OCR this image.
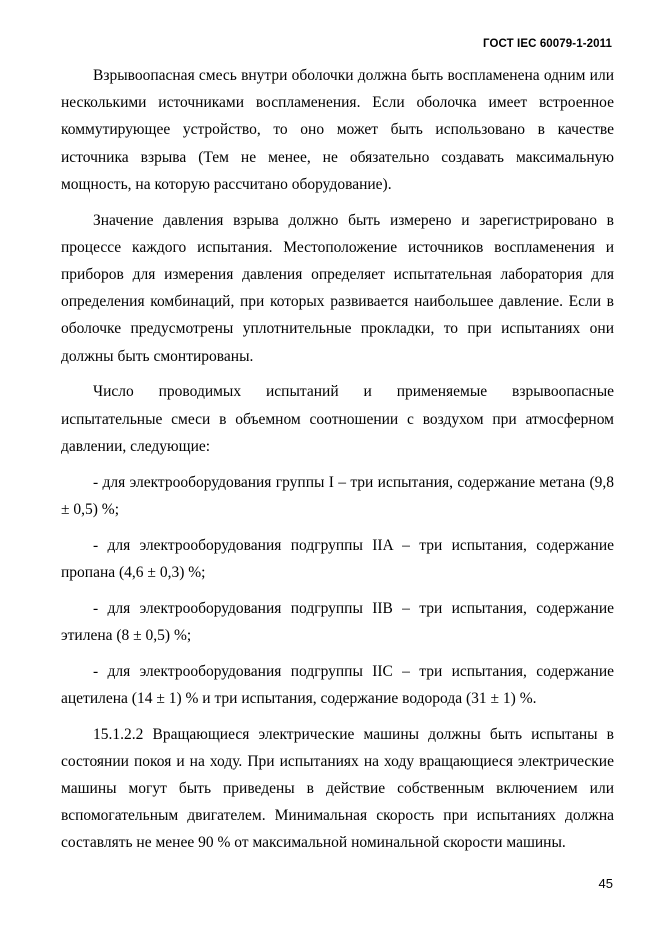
ГОСТ IEC 60079-1-2011

Взрывоопасная смесь внутри оболочки должна быть воспламенена одним или несколькими источниками воспламенения. Если оболочка имеет встроенное коммутирующее устройство, то оно может быть использовано в качестве источника взрыва (Тем не менее, не обязательно создавать максимальную мощность, на которую рассчитано оборудование).

Значение давления взрыва должно быть измерено и зарегистрировано в процессе каждого испытания. Местоположение источников воспламенения и приборов для измерения давления определяет испытательная лаборатория для определения комбинаций, при которых развивается наибольшее давление. Если в оболочке предусмотрены уплотнительные прокладки, то при испытаниях они должны быть смонтированы.

Число проводимых испытаний и применяемые взрывоопасные испытательные смеси в объемном соотношении с воздухом при атмосферном давлении, следующие:

- для электрооборудования группы I – три испытания, содержание метана (9,8 ± 0,5) %;

- для электрооборудования подгруппы IIA – три испытания, содержание пропана (4,6 ± 0,3) %;

- для электрооборудования подгруппы IIB – три испытания, содержание этилена (8 ± 0,5) %;

- для электрооборудования подгруппы IIC – три испытания, содержание ацетилена (14 ± 1) % и три испытания, содержание водорода (31 ± 1) %.

15.1.2.2 Вращающиеся электрические машины должны быть испытаны в состоянии покоя и на ходу. При испытаниях на ходу вращающиеся электрические машины могут быть приведены в действие собственным включением или вспомогательным двигателем. Минимальная скорость при испытаниях должна составлять не менее 90 % от максимальной номинальной скорости машины.

45
